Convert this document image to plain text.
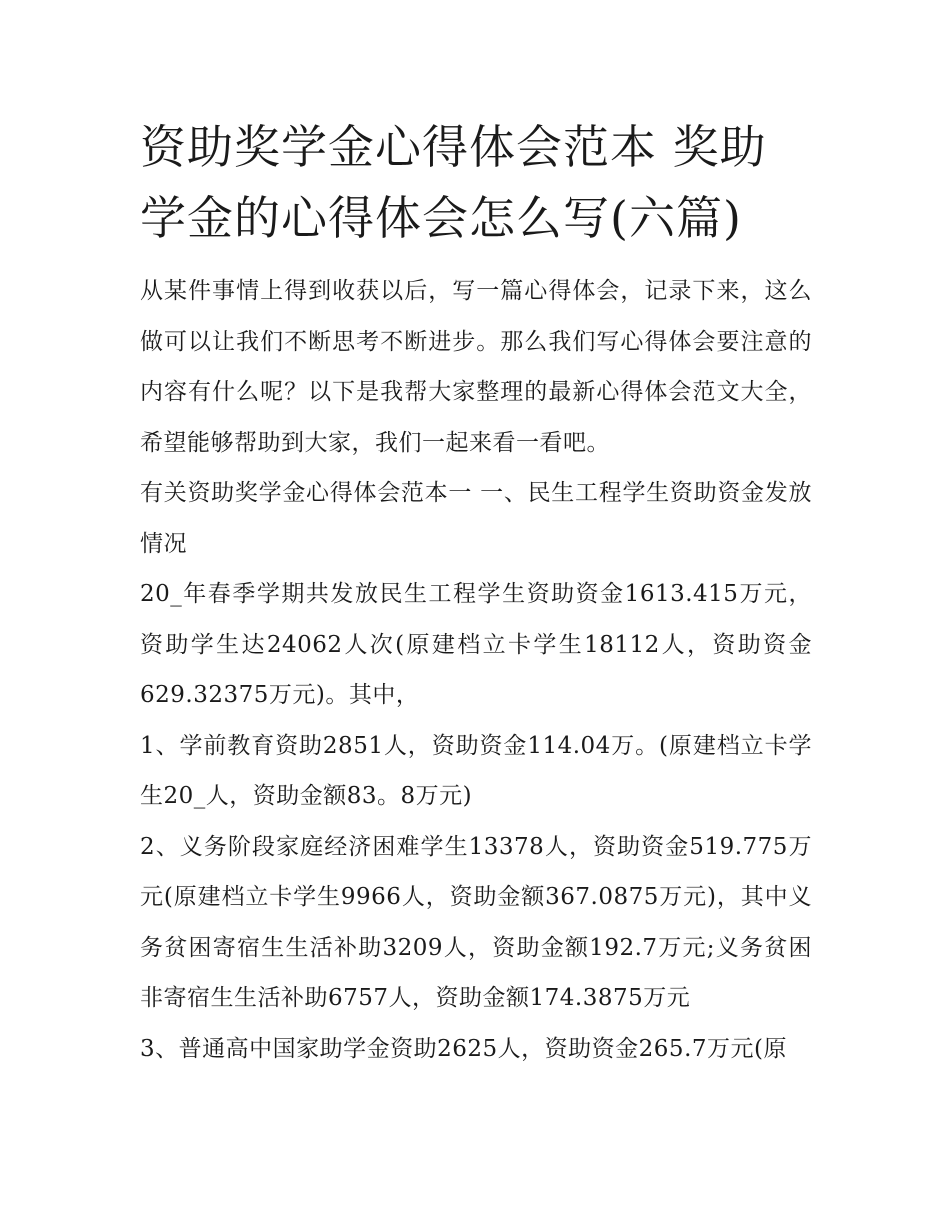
资助奖学金心得体会范本 奖助学金的心得体会怎么写(六篇)

从某件事情上得到收获以后，写一篇心得体会，记录下来，这么做可以让我们不断思考不断进步。那么我们写心得体会要注意的内容有什么呢？以下是我帮大家整理的最新心得体会范文大全，希望能够帮助到大家，我们一起来看一看吧。

有关资助奖学金心得体会范本一 一、民生工程学生资助资金发放情况

20_年春季学期共发放民生工程学生资助资金1613.415万元，资助学生达24062人次(原建档立卡学生18112人，资助资金629.32375万元)。其中，

1、学前教育资助2851人，资助资金114.04万。(原建档立卡学生20_人，资助金额83。8万元)

2、义务阶段家庭经济困难学生13378人，资助资金519.775万元(原建档立卡学生9966人，资助金额367.0875万元)，其中义务贫困寄宿生生活补助3209人，资助金额192.7万元;义务贫困非寄宿生生活补助6757人，资助金额174.3875万元

3、普通高中国家助学金资助2625人，资助资金265.7万元(原
